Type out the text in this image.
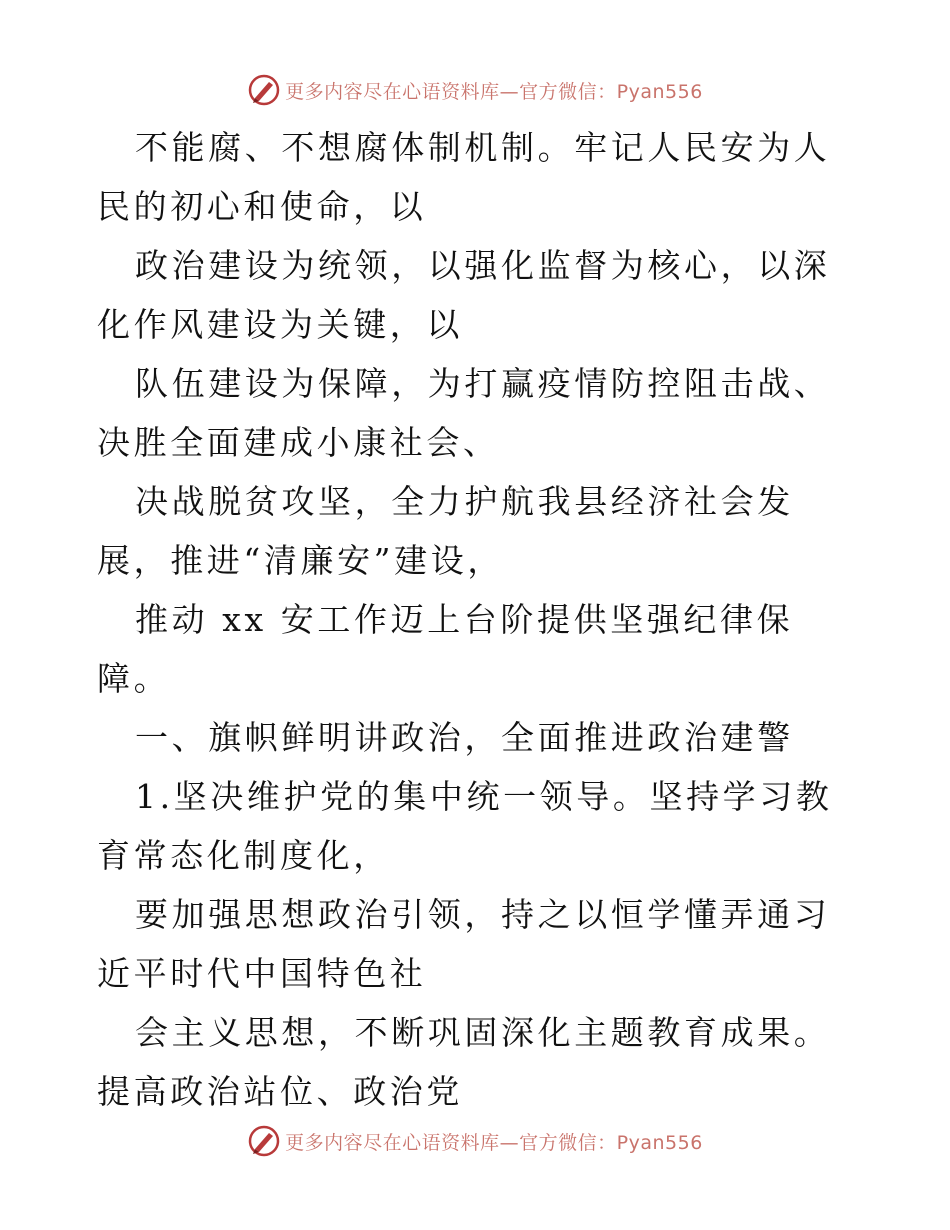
更多内容尽在心语资料库—官方微信：Pyan556

不能腐、不想腐体制机制。牢记人民安为人民的初心和使命，以

政治建设为统领，以强化监督为核心，以深化作风建设为关键，以

队伍建设为保障，为打赢疫情防控阻击战、决胜全面建成小康社会、

决战脱贫攻坚，全力护航我县经济社会发展，推进“清廉安”建设，

推动 xx 安工作迈上台阶提供坚强纪律保障。

一、旗帜鲜明讲政治，全面推进政治建警

1.坚决维护党的集中统一领导。坚持学习教育常态化制度化，

要加强思想政治引领，持之以恒学懂弄通习近平时代中国特色社

会主义思想，不断巩固深化主题教育成果。提高政治站位、政治党

更多内容尽在心语资料库—官方微信：Pyan556
